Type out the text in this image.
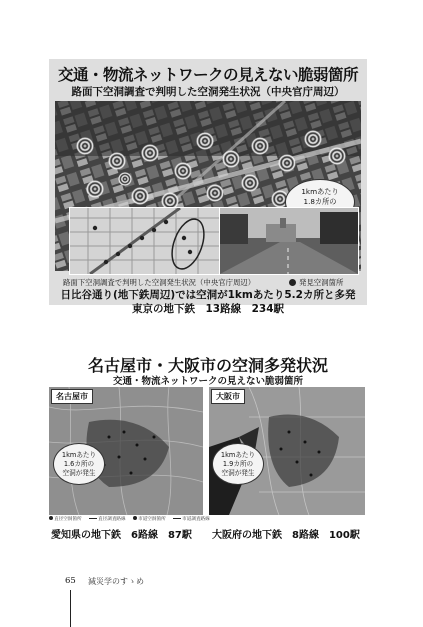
交通・物流ネットワークの見えない脆弱箇所
路面下空洞調査で判明した空洞発生状況（中央官庁周辺）
1kmあたり
1.8カ所の
路面下空洞調査で判明した空洞発生状況（中央官庁周辺）	発見空洞箇所
日比谷通り(地下鉄周辺)では空洞が1kmあたり5.2カ所と多発
東京の地下鉄　13路線　234駅
名古屋市・大阪市の空洞多発状況
交通・物流ネットワークの見えない脆弱箇所
名古屋市	大阪市
1kmあたり
1.6カ所の
空洞が発生
1kmあたり
1.9カ所の
空洞が発生
直径空洞箇所	直径調査路線	市道空洞箇所	市道調査路線
愛知県の地下鉄　6路線　87駅 大阪府の地下鉄　8路線　100駅
65 減災学のすゝめ
